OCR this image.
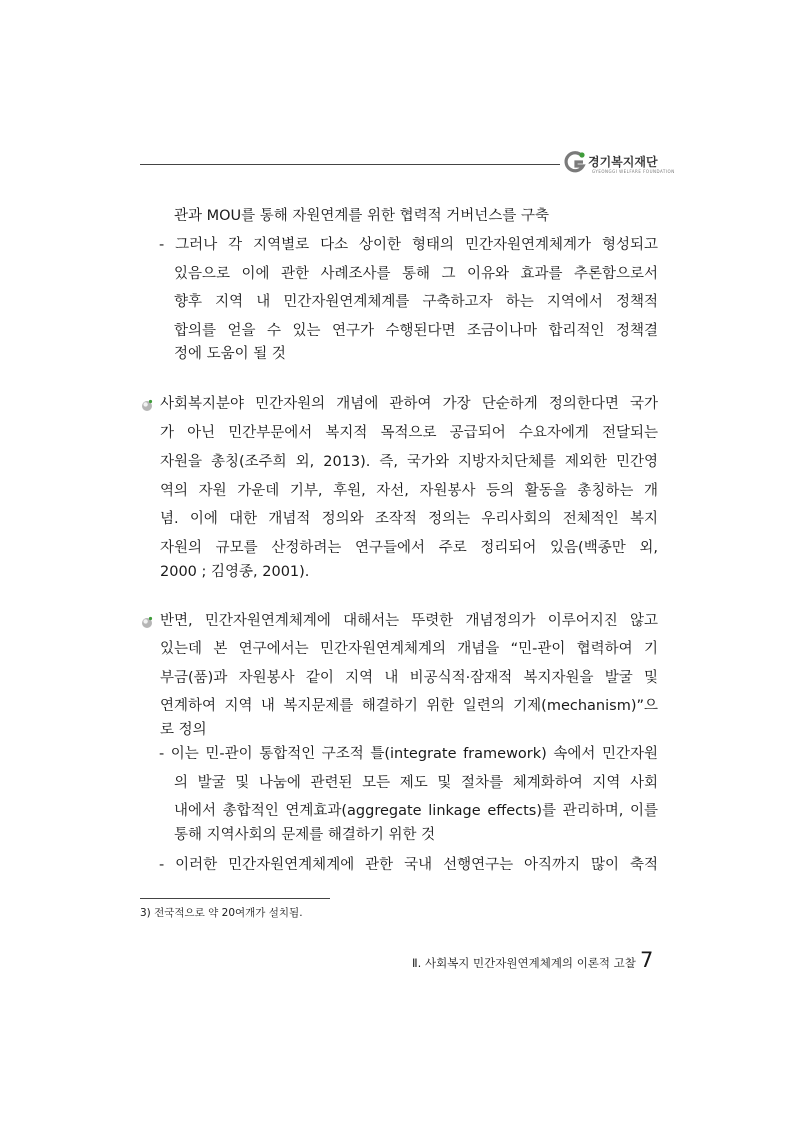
경기복지재단
GYEONGGI WELFARE FOUNDATION
관과 MOU를 통해 자원연계를 위한 협력적 거버넌스를 구축
- 그러나 각 지역별로 다소 상이한 형태의 민간자원연계체계가 형성되고
있음으로 이에 관한 사례조사를 통해 그 이유와 효과를 추론함으로서
향후 지역 내 민간자원연계체계를 구축하고자 하는 지역에서 정책적
합의를 얻을 수 있는 연구가 수행된다면 조금이나마 합리적인 정책결
정에 도움이 될 것
사회복지분야 민간자원의 개념에 관하여 가장 단순하게 정의한다면 국가
가 아닌 민간부문에서 복지적 목적으로 공급되어 수요자에게 전달되는
자원을 총칭(조주희 외, 2013). 즉, 국가와 지방자치단체를 제외한 민간영
역의 자원 가운데 기부, 후원, 자선, 자원봉사 등의 활동을 총칭하는 개
념. 이에 대한 개념적 정의와 조작적 정의는 우리사회의 전체적인 복지
자원의 규모를 산정하려는 연구들에서 주로 정리되어 있음(백종만 외,
2000 ; 김영종, 2001).
반면, 민간자원연계체계에 대해서는 뚜렷한 개념정의가 이루어지진 않고
있는데 본 연구에서는 민간자원연계체계의 개념을 “민-관이 협력하여 기
부금(품)과 자원봉사 같이 지역 내 비공식적·잠재적 복지자원을 발굴 및
연계하여 지역 내 복지문제를 해결하기 위한 일련의 기제(mechanism)”으
로 정의
- 이는 민-관이 통합적인 구조적 틀(integrate framework) 속에서 민간자원
의 발굴 및 나눔에 관련된 모든 제도 및 절차를 체계화하여 지역 사회
내에서 총합적인 연계효과(aggregate linkage effects)를 관리하며, 이를
통해 지역사회의 문제를 해결하기 위한 것
- 이러한 민간자원연계체계에 관한 국내 선행연구는 아직까지 많이 축적
3) 전국적으로 약 20여개가 설치됨.
Ⅱ. 사회복지 민간자원연계체계의 이론적 고찰 7
